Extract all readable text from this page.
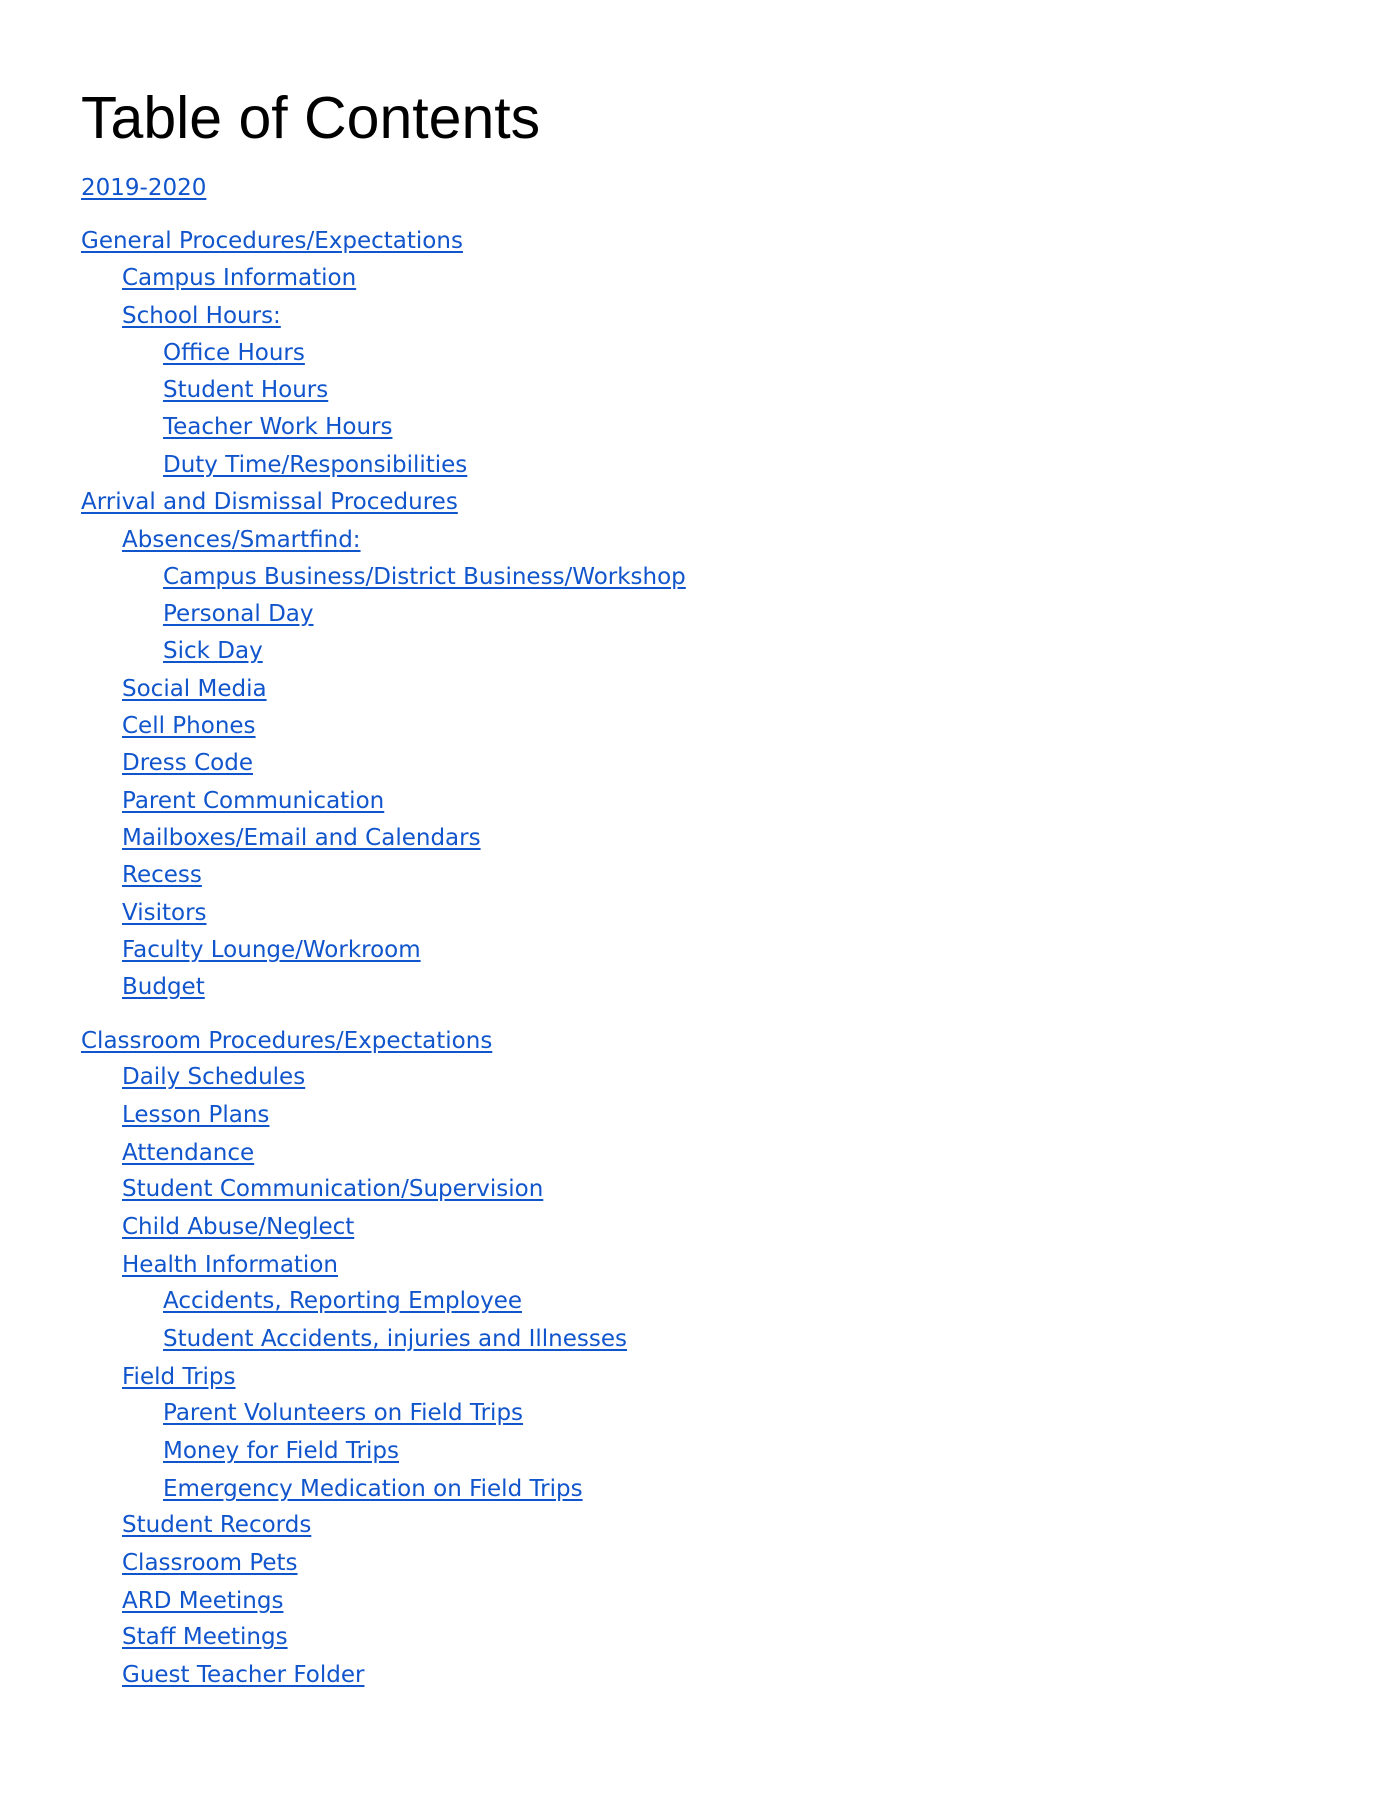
Table of Contents
2019-2020
General Procedures/Expectations
Campus Information
School Hours:
Office Hours
Student Hours
Teacher Work Hours
Duty Time/Responsibilities
Arrival and Dismissal Procedures
Absences/Smartfind:
Campus Business/District Business/Workshop
Personal Day
Sick Day
Social Media
Cell Phones
Dress Code
Parent Communication
Mailboxes/Email and Calendars
Recess
Visitors
Faculty Lounge/Workroom
Budget
Classroom Procedures/Expectations
Daily Schedules
Lesson Plans
Attendance
Student Communication/Supervision
Child Abuse/Neglect
Health Information
Accidents, Reporting Employee
Student Accidents, injuries and Illnesses
Field Trips
Parent Volunteers on Field Trips
Money for Field Trips
Emergency Medication on Field Trips
Student Records
Classroom Pets
ARD Meetings
Staff Meetings
Guest Teacher Folder
